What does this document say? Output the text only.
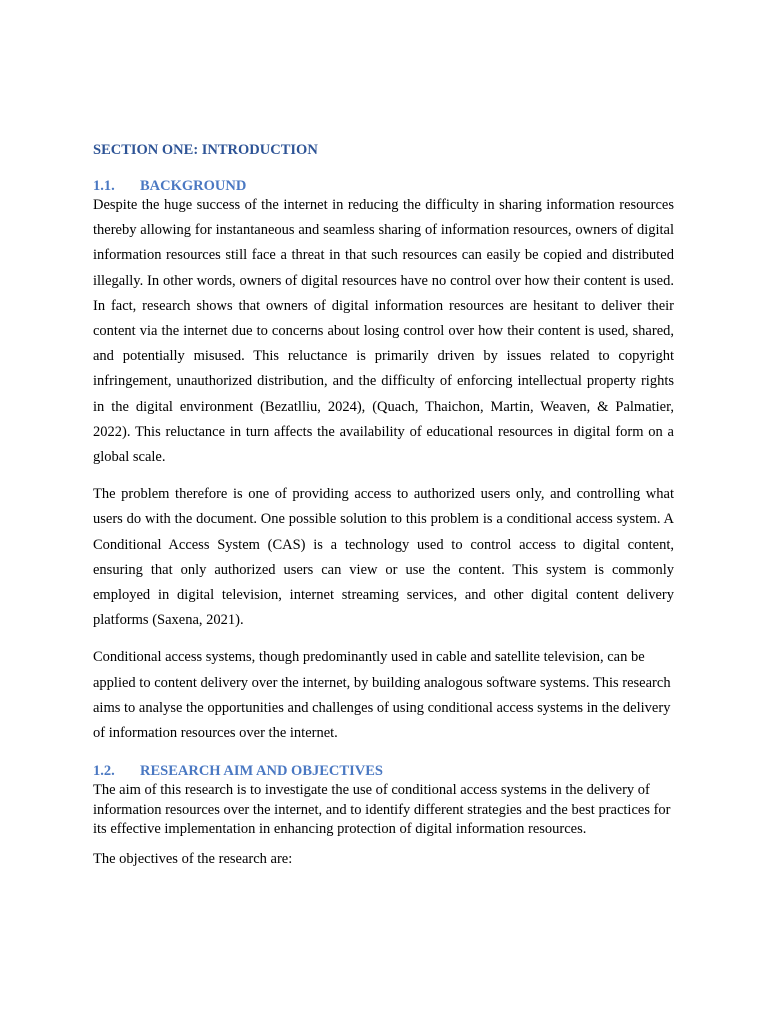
SECTION ONE: INTRODUCTION
1.1. BACKGROUND

Despite the huge success of the internet in reducing the difficulty in sharing information resources thereby allowing for instantaneous and seamless sharing of information resources, owners of digital information resources still face a threat in that such resources can easily be copied and distributed illegally. In other words, owners of digital resources have no control over how their content is used. In fact, research shows that owners of digital information resources are hesitant to deliver their content via the internet due to concerns about losing control over how their content is used, shared, and potentially misused. This reluctance is primarily driven by issues related to copyright infringement, unauthorized distribution, and the difficulty of enforcing intellectual property rights in the digital environment (Bezatlliu, 2024), (Quach, Thaichon, Martin, Weaven, & Palmatier, 2022). This reluctance in turn affects the availability of educational resources in digital form on a global scale.

The problem therefore is one of providing access to authorized users only, and controlling what users do with the document. One possible solution to this problem is a conditional access system. A Conditional Access System (CAS) is a technology used to control access to digital content, ensuring that only authorized users can view or use the content. This system is commonly employed in digital television, internet streaming services, and other digital content delivery platforms (Saxena, 2021).

Conditional access systems, though predominantly used in cable and satellite television, can be applied to content delivery over the internet, by building analogous software systems. This research aims to analyse the opportunities and challenges of using conditional access systems in the delivery of information resources over the internet.

1.2. RESEARCH AIM AND OBJECTIVES

The aim of this research is to investigate the use of conditional access systems in the delivery of information resources over the internet, and to identify different strategies and the best practices for its effective implementation in enhancing protection of digital information resources.

The objectives of the research are:
